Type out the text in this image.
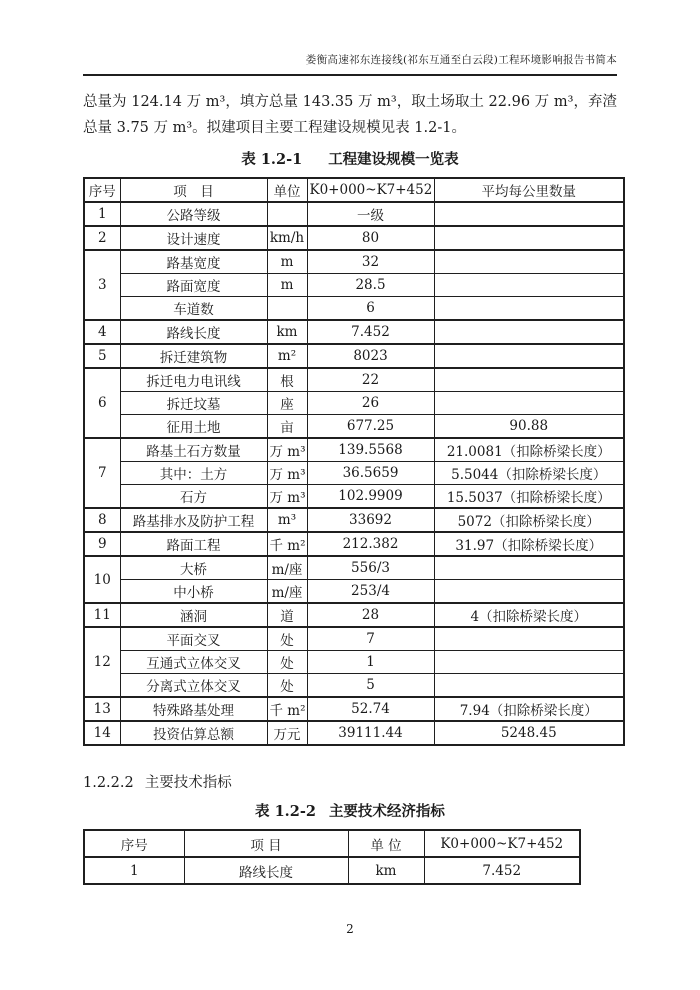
娄衡高速祁东连接线(祁东互通至白云段)工程环境影响报告书简本
总量为 124.14 万 m³，填方总量 143.35 万 m³，取土场取土 22.96 万 m³，弃渣总量 3.75 万 m³。拟建项目主要工程建设规模见表 1.2-1。
表 1.2-1 工程建设规模一览表
序号	项　目	单位	K0+000~K7+452	平均每公里数量
1	公路等级		一级	
2	设计速度	km/h	80	
3	路基宽度	m	32	
	路面宽度	m	28.5	
	车道数		6	
4	路线长度	km	7.452	
5	拆迁建筑物	m²	8023	
6	拆迁电力电讯线	根	22	
	拆迁坟墓	座	26	
	征用土地	亩	677.25	90.88
7	路基土石方数量	万 m³	139.5568	21.0081（扣除桥梁长度）
	其中：土方	万 m³	36.5659	5.5044（扣除桥梁长度）
	石方	万 m³	102.9909	15.5037（扣除桥梁长度）
8	路基排水及防护工程	m³	33692	5072（扣除桥梁长度）
9	路面工程	千 m²	212.382	31.97（扣除桥梁长度）
10	大桥	m/座	556/3	
	中小桥	m/座	253/4	
11	涵洞	道	28	4（扣除桥梁长度）
12	平面交叉	处	7	
	互通式立体交叉	处	1	
	分离式立体交叉	处	5	
13	特殊路基处理	千 m²	52.74	7.94（扣除桥梁长度）
14	投资估算总额	万元	39111.44	5248.45
1.2.2.2 主要技术指标
表 1.2-2 主要技术经济指标
序号	项 目	单 位	K0+000~K7+452
1	路线长度	km	7.452
2
